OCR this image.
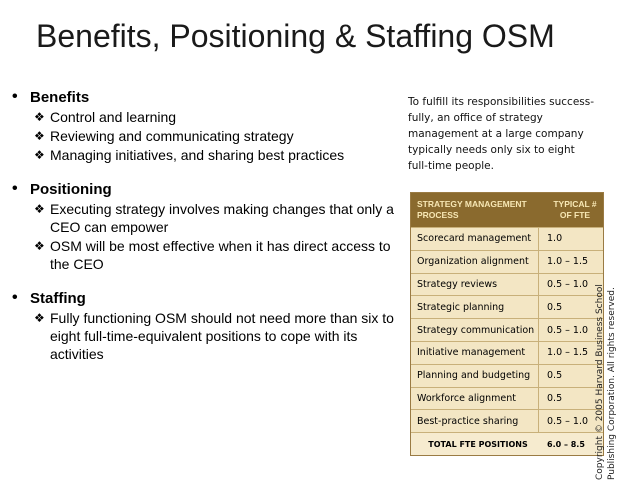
Benefits, Positioning & Staffing OSM
• Benefits
❖ Control and learning
❖ Reviewing and communicating strategy
❖ Managing initiatives, and sharing best practices
• Positioning
❖ Executing strategy involves making changes that only a CEO can empower
❖ OSM will be most effective when it has direct access to the CEO
• Staffing
❖ Fully functioning OSM should not need more than six to eight full-time-equivalent positions to cope with its activities
To fulfill its responsibilities success-fully, an office of strategy management at a large company typically needs only six to eight full-time people.
STRATEGY MANAGEMENT PROCESS
TYPICAL # OF FTE
Scorecard management	1.0
Organization alignment	1.0 – 1.5
Strategy reviews	0.5 – 1.0
Strategic planning	0.5
Strategy communication	0.5 – 1.0
Initiative management	1.0 – 1.5
Planning and budgeting	0.5
Workforce alignment	0.5
Best-practice sharing	0.5 – 1.0
TOTAL FTE POSITIONS	6.0 – 8.5	Copyright © 2005 Harvard Business School Publishing Corporation. All rights reserved.
